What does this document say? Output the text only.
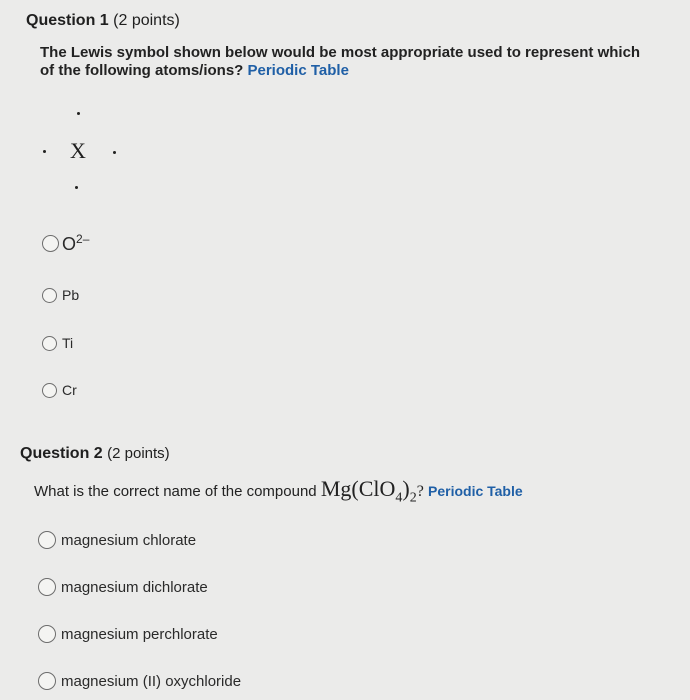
Question 1 (2 points)
The Lewis symbol shown below would be most appropriate used to represent which
of the following atoms/ions? Periodic Table
X
$O^{2-}$
Pb
Ti
Cr
Question 2 (2 points)
What is the correct name of the compound $Mg(ClO_4)_2$? Periodic Table
magnesium chlorate
magnesium dichlorate
magnesium perchlorate
magnesium (II) oxychloride
